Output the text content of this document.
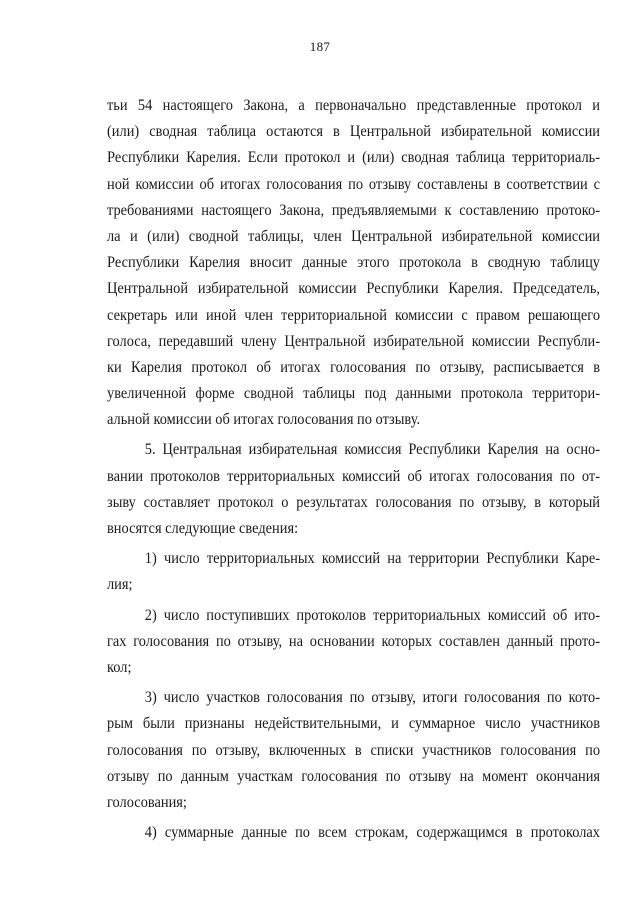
187
тьи 54 настоящего Закона, а первоначально представленные протокол и
(или) сводная таблица остаются в Центральной избирательной комиссии
Республики Карелия. Если протокол и (или) сводная таблица территориаль-
ной комиссии об итогах голосования по отзыву составлены в соответствии с
требованиями настоящего Закона, предъявляемыми к составлению протоко-
ла и (или) сводной таблицы, член Центральной избирательной комиссии
Республики Карелия вносит данные этого протокола в сводную таблицу
Центральной избирательной комиссии Республики Карелия. Председатель,
секретарь или иной член территориальной комиссии с правом решающего
голоса, передавший члену Центральной избирательной комиссии Республи-
ки Карелия протокол об итогах голосования по отзыву, расписывается в
увеличенной форме сводной таблицы под данными протокола территори-
альной комиссии об итогах голосования по отзыву.
5. Центральная избирательная комиссия Республики Карелия на осно-
вании протоколов территориальных комиссий об итогах голосования по от-
зыву составляет протокол о результатах голосования по отзыву, в который
вносятся следующие сведения:
1) число территориальных комиссий на территории Республики Каре-
лия;
2) число поступивших протоколов территориальных комиссий об ито-
гах голосования по отзыву, на основании которых составлен данный прото-
кол;
3) число участков голосования по отзыву, итоги голосования по кото-
рым были признаны недействительными, и суммарное число участников
голосования по отзыву, включенных в списки участников голосования по
отзыву по данным участкам голосования по отзыву на момент окончания
голосования;
4) суммарные данные по всем строкам, содержащимся в протоколах
